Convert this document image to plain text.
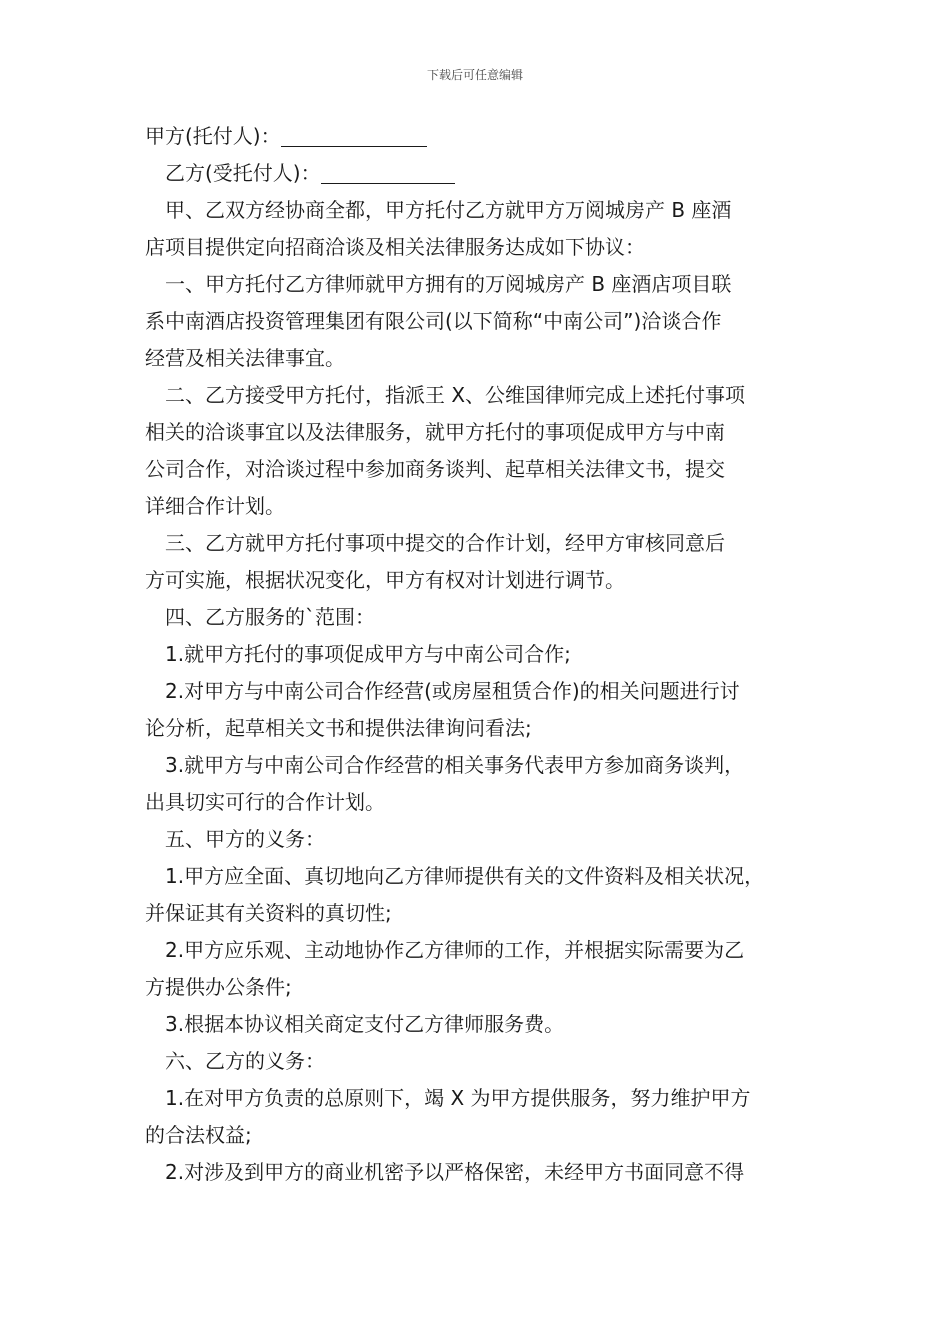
下载后可任意编辑
甲方(托付人)：
乙方(受托付人)：
甲、乙双方经协商全都，甲方托付乙方就甲方万阅城房产 B 座酒
店项目提供定向招商洽谈及相关法律服务达成如下协议：
一、甲方托付乙方律师就甲方拥有的万阅城房产 B 座酒店项目联
系中南酒店投资管理集团有限公司(以下简称“中南公司”)洽谈合作
经营及相关法律事宜。
二、乙方接受甲方托付，指派王 X、公维国律师完成上述托付事项
相关的洽谈事宜以及法律服务，就甲方托付的事项促成甲方与中南
公司合作，对洽谈过程中参加商务谈判、起草相关法律文书，提交
详细合作计划。
三、乙方就甲方托付事项中提交的合作计划，经甲方审核同意后
方可实施，根据状况变化，甲方有权对计划进行调节。
四、乙方服务的`范围：
1.就甲方托付的事项促成甲方与中南公司合作;
2.对甲方与中南公司合作经营(或房屋租赁合作)的相关问题进行讨
论分析，起草相关文书和提供法律询问看法;
3.就甲方与中南公司合作经营的相关事务代表甲方参加商务谈判，
出具切实可行的合作计划。
五、甲方的义务：
1.甲方应全面、真切地向乙方律师提供有关的文件资料及相关状况，
并保证其有关资料的真切性;
2.甲方应乐观、主动地协作乙方律师的工作，并根据实际需要为乙
方提供办公条件;
3.根据本协议相关商定支付乙方律师服务费。
六、乙方的义务：
1.在对甲方负责的总原则下，竭 X 为甲方提供服务，努力维护甲方
的合法权益;
2.对涉及到甲方的商业机密予以严格保密，未经甲方书面同意不得
